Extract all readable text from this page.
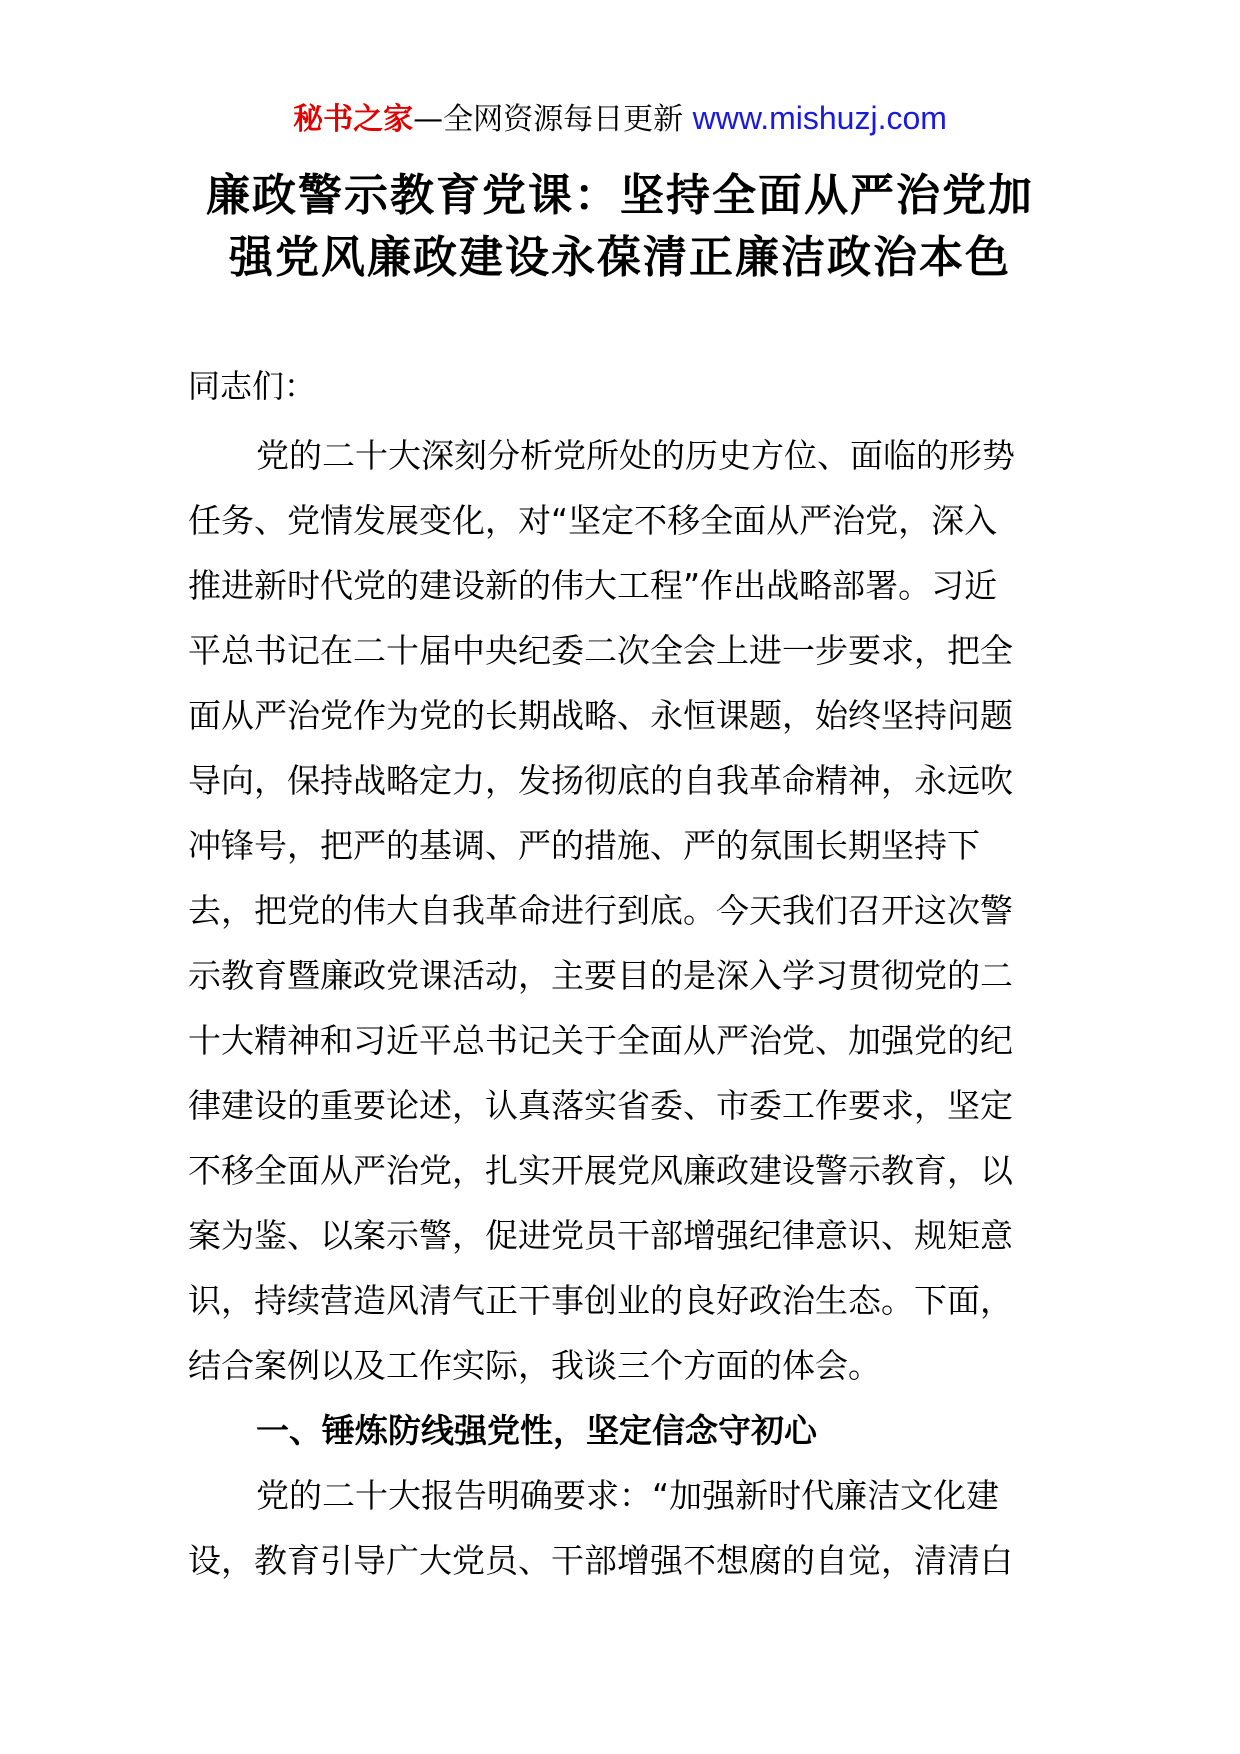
秘书之家—全网资源每日更新 www.mishuzj.com
廉政警示教育党课：坚持全面从严治党加
强党风廉政建设永葆清正廉洁政治本色
同志们：
党的二十大深刻分析党所处的历史方位、面临的形势
任务、党情发展变化，对“坚定不移全面从严治党，深入
推进新时代党的建设新的伟大工程”作出战略部署。习近
平总书记在二十届中央纪委二次全会上进一步要求，把全
面从严治党作为党的长期战略、永恒课题，始终坚持问题
导向，保持战略定力，发扬彻底的自我革命精神，永远吹
冲锋号，把严的基调、严的措施、严的氛围长期坚持下
去，把党的伟大自我革命进行到底。今天我们召开这次警
示教育暨廉政党课活动，主要目的是深入学习贯彻党的二
十大精神和习近平总书记关于全面从严治党、加强党的纪
律建设的重要论述，认真落实省委、市委工作要求，坚定
不移全面从严治党，扎实开展党风廉政建设警示教育，以
案为鉴、以案示警，促进党员干部增强纪律意识、规矩意
识，持续营造风清气正干事创业的良好政治生态。下面，
结合案例以及工作实际，我谈三个方面的体会。
一、锤炼防线强党性，坚定信念守初心
党的二十大报告明确要求：“加强新时代廉洁文化建
设，教育引导广大党员、干部增强不想腐的自觉，清清白
